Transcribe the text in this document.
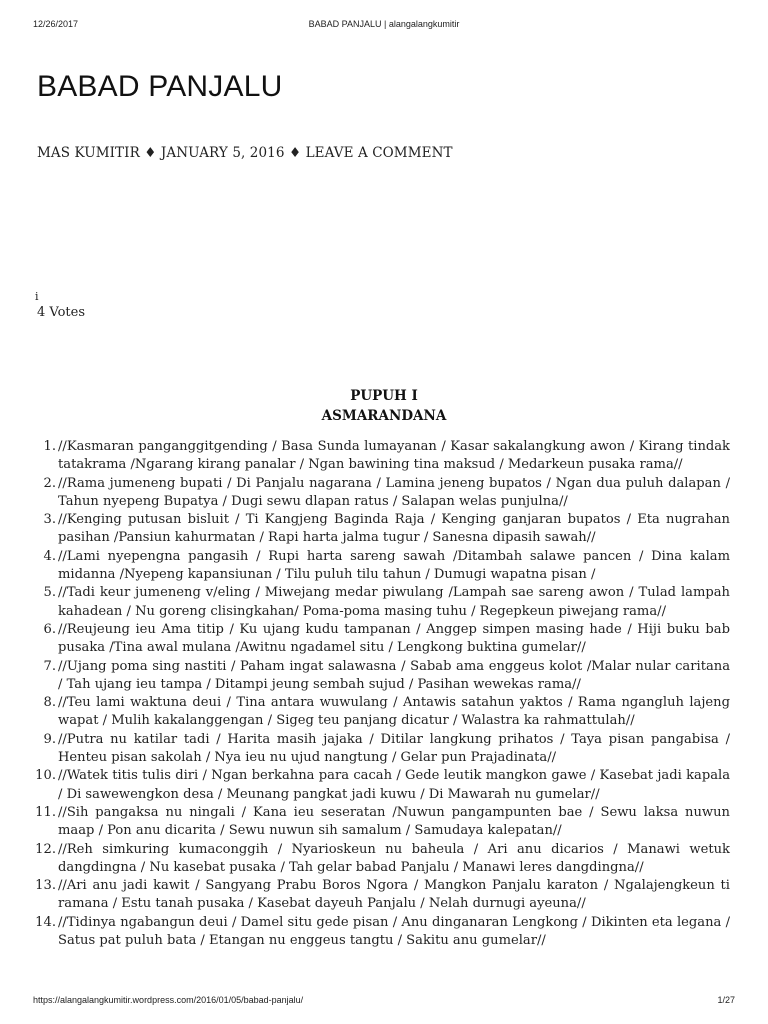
12/26/2017	BABAD PANJALU | alangalangkumitir
BABAD PANJALU
MAS KUMITIR ♦ JANUARY 5, 2016 ♦ LEAVE A COMMENT
i
4 Votes
PUPUH I
ASMARANDANA
1. //Kasmaran panganggitgending / Basa Sunda lumayanan / Kasar sakalangkung awon / Kirang tindak tatakrama /Ngarang kirang panalar / Ngan bawining tina maksud / Medarkeun pusaka rama//
2. //Rama jumeneng bupati / Di Panjalu nagarana / Lamina jeneng bupatos / Ngan dua puluh dalapan / Tahun nyepeng Bupatya / Dugi sewu dlapan ratus / Salapan welas punjulna//
3. //Kenging putusan bisluit / Ti Kangjeng Baginda Raja / Kenging ganjaran bupatos / Eta nugrahan pasihan /Pansiun kahurmatan / Rapi harta jalma tugur / Sanesna dipasih sawah//
4. //Lami nyepengna pangasih / Rupi harta sareng sawah /Ditambah salawe pancen / Dina kalam midanna /Nyepeng kapansiunan / Tilu puluh tilu tahun / Dumugi wapatna pisan /
5. //Tadi keur jumeneng v/eling / Miwejang medar piwulang /Lampah sae sareng awon / Tulad lampah kahadean / Nu goreng clisingkahan/ Poma-poma masing tuhu / Regepkeun piwejang rama//
6. //Reujeung ieu Ama titip / Ku ujang kudu tampanan / Anggep simpen masing hade / Hiji buku bab pusaka /Tina awal mulana /Awitnu ngadamel situ / Lengkong buktina gumelar//
7. //Ujang poma sing nastiti / Paham ingat salawasna / Sabab ama enggeus kolot /Malar nular caritana / Tah ujang ieu tampa / Ditampi jeung sembah sujud / Pasihan wewekas rama//
8. //Teu lami waktuna deui / Tina antara wuwulang / Antawis satahun yaktos / Rama ngangluh lajeng wapat / Mulih kakalanggengan / Sigeg teu panjang dicatur / Walastra ka rahmattulah//
9. //Putra nu katilar tadi / Harita masih jajaka / Ditilar langkung prihatos / Taya pisan pangabisa / Henteu pisan sakolah / Nya ieu nu ujud nangtung / Gelar pun Prajadinata//
10. //Watek titis tulis diri / Ngan berkahna para cacah / Gede leutik mangkon gawe / Kasebat jadi kapala / Di sawewengkon desa / Meunang pangkat jadi kuwu / Di Mawarah nu gumelar//
11. //Sih pangaksa nu ningali / Kana ieu seseratan /Nuwun pangampunten bae / Sewu laksa nuwun maap / Pon anu dicarita / Sewu nuwun sih samalum / Samudaya kalepatan//
12. //Reh simkuring kumaconggih / Nyarioskeun nu baheula / Ari anu dicarios / Manawi wetuk dangdingna / Nu kasebat pusaka / Tah gelar babad Panjalu / Manawi leres dangdingna//
13. //Ari anu jadi kawit / Sangyang Prabu Boros Ngora / Mangkon Panjalu karaton / Ngalajengkeun ti ramana / Estu tanah pusaka / Kasebat dayeuh Panjalu / Nelah durnugi ayeuna//
14. //Tidinya ngabangun deui / Damel situ gede pisan / Anu dinganaran Lengkong / Dikinten eta legana / Satus pat puluh bata / Etangan nu enggeus tangtu / Sakitu anu gumelar//
https://alangalangkumitir.wordpress.com/2016/01/05/babad-panjalu/	1/27
